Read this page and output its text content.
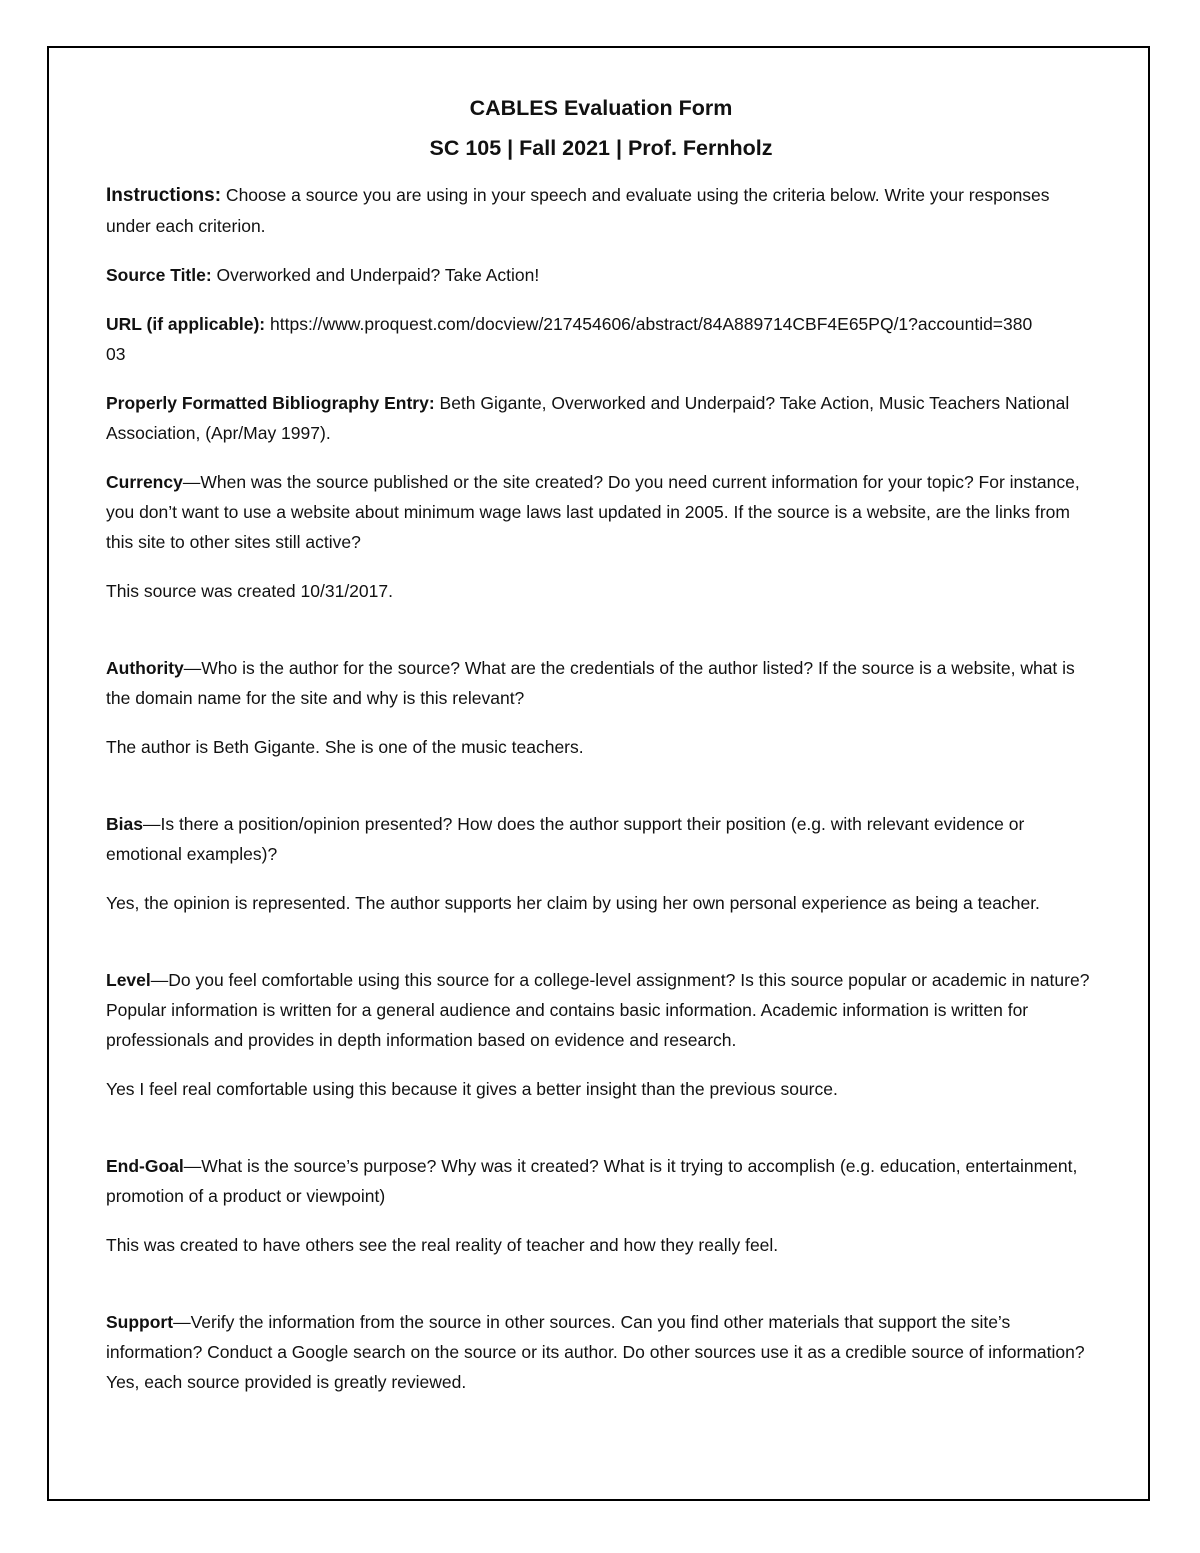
CABLES Evaluation Form

SC 105 | Fall 2021 | Prof. Fernholz

Instructions: Choose a source you are using in your speech and evaluate using the criteria below. Write your responses under each criterion.

Source Title: Overworked and Underpaid? Take Action!

URL (if applicable): https://www.proquest.com/docview/217454606/abstract/84A889714CBF4E65PQ/1?accountid=38003

Properly Formatted Bibliography Entry: Beth Gigante, Overworked and Underpaid? Take Action, Music Teachers National Association, (Apr/May 1997).

Currency—When was the source published or the site created? Do you need current information for your topic? For instance, you don’t want to use a website about minimum wage laws last updated in 2005. If the source is a website, are the links from this site to other sites still active?

This source was created 10/31/2017.

Authority—Who is the author for the source? What are the credentials of the author listed? If the source is a website, what is the domain name for the site and why is this relevant?

The author is Beth Gigante. She is one of the music teachers.

Bias—Is there a position/opinion presented? How does the author support their position (e.g. with relevant evidence or emotional examples)?

Yes, the opinion is represented. The author supports her claim by using her own personal experience as being a teacher.

Level—Do you feel comfortable using this source for a college-level assignment? Is this source popular or academic in nature? Popular information is written for a general audience and contains basic information. Academic information is written for professionals and provides in depth information based on evidence and research.

Yes I feel real comfortable using this because it gives a better insight than the previous source.

End-Goal—What is the source’s purpose? Why was it created? What is it trying to accomplish (e.g. education, entertainment, promotion of a product or viewpoint)

This was created to have others see the real reality of teacher and how they really feel.

Support—Verify the information from the source in other sources. Can you find other materials that support the site’s information? Conduct a Google search on the source or its author. Do other sources use it as a credible source of information? Yes, each source provided is greatly reviewed.
